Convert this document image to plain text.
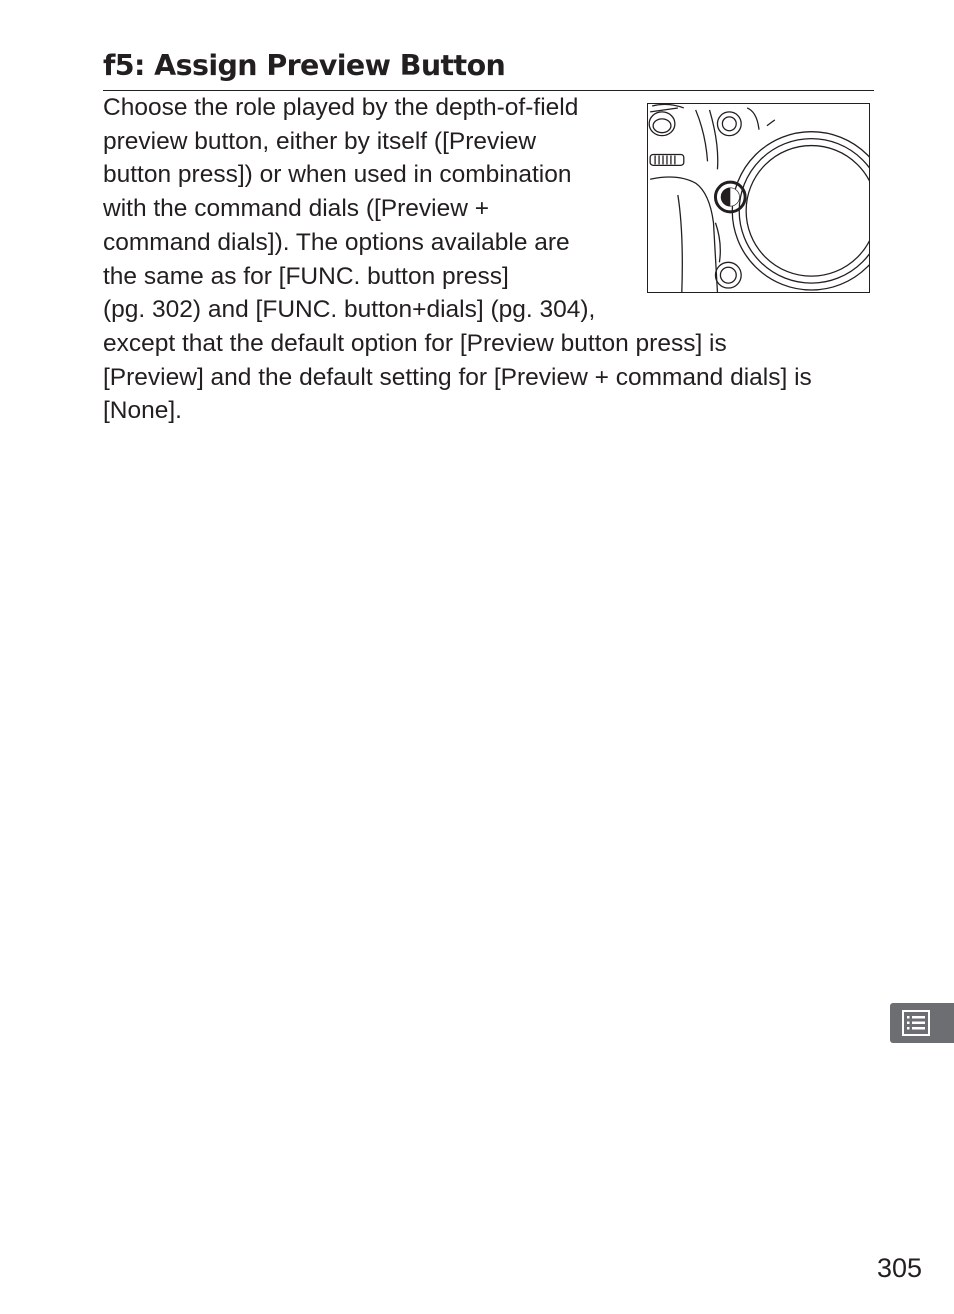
f5: Assign Preview Button

Choose the role played by the depth-of-field
preview button, either by itself ([Preview
button press]) or when used in combination
with the command dials ([Preview +
command dials]). The options available are
the same as for [FUNC. button press]
(pg. 302) and [FUNC. button+dials] (pg. 304),

except that the default option for [Preview button press] is
[Preview] and the default setting for [Preview + command dials] is
[None].

305
